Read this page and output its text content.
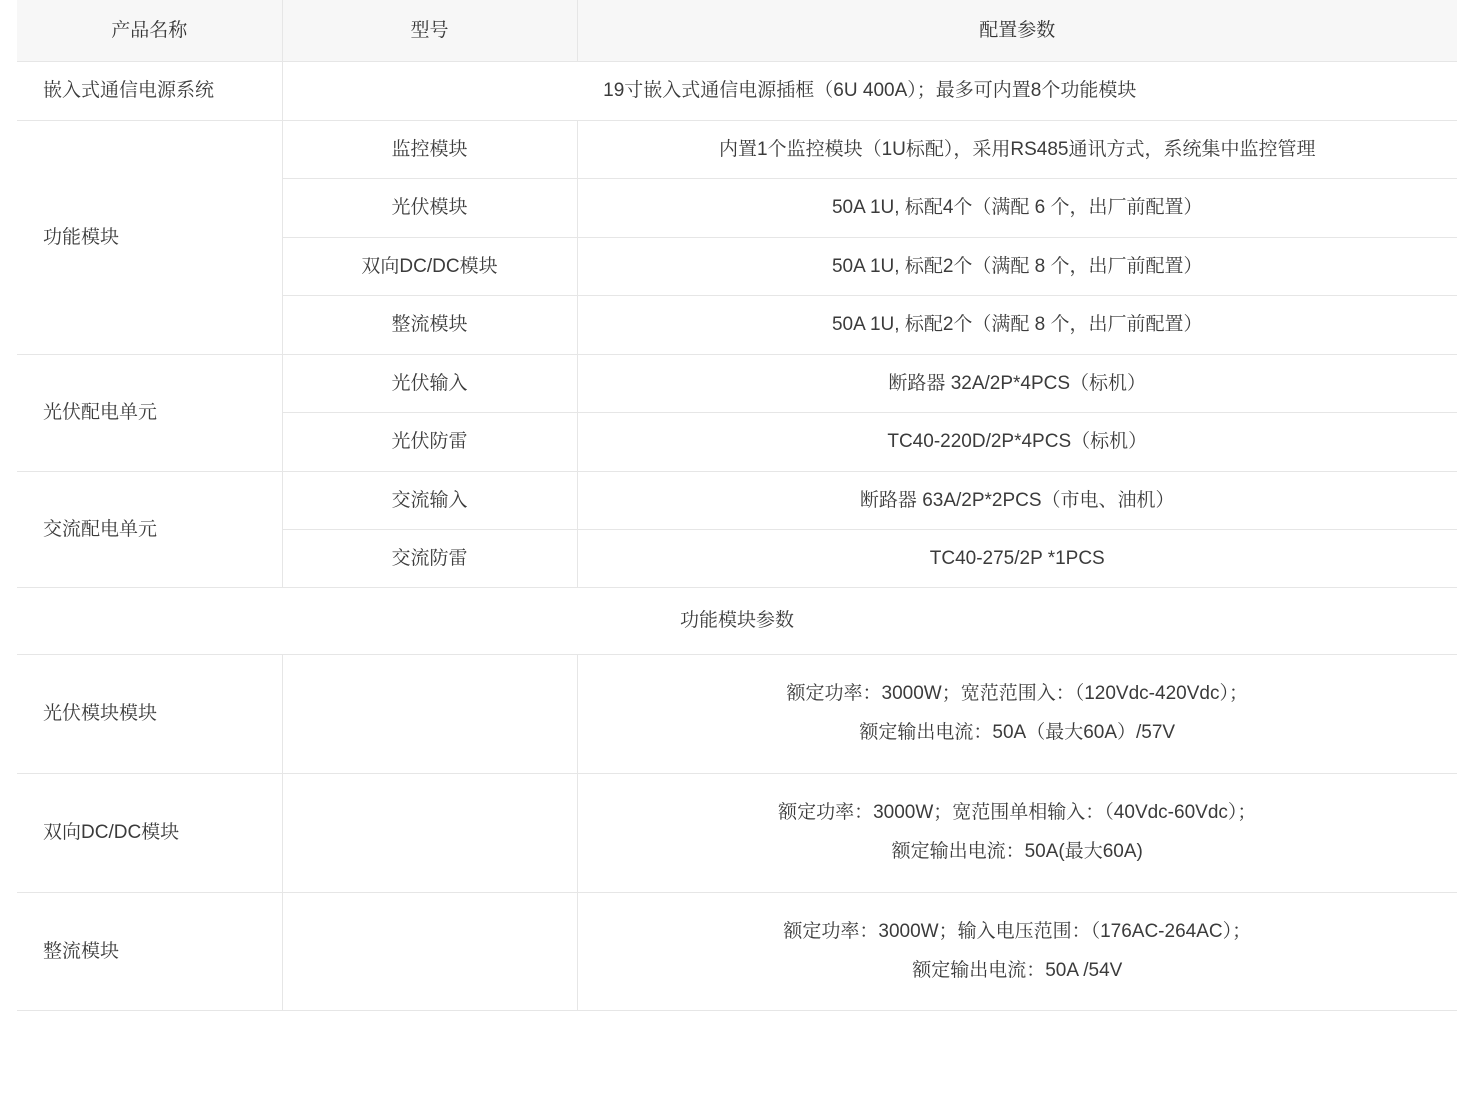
产品名称	型号	配置参数
嵌入式通信电源系统	19寸嵌入式通信电源插框（6U 400A）；最多可内置8个功能模块	
功能模块	监控模块	内置1个监控模块（1U标配），采用RS485通讯方式，系统集中监控管理
	光伏模块	50A 1U, 标配4个（满配 6 个，出厂前配置）
	双向DC/DC模块	50A 1U, 标配2个（满配 8 个，出厂前配置）
	整流模块	50A 1U, 标配2个（满配 8 个，出厂前配置）
光伏配电单元	光伏输入	断路器 32A/2P*4PCS（标机）
	光伏防雷	TC40-220D/2P*4PCS（标机）
交流配电单元	交流输入	断路器 63A/2P*2PCS（市电、油机）
	交流防雷	TC40-275/2P *1PCS
功能模块参数		
光伏模块模块		额定功率：3000W；宽范范围入：（120Vdc-420Vdc）；
额定输出电流：50A（最大60A）/57V

双向DC/DC模块		额定功率：3000W；宽范围单相输入：（40Vdc-60Vdc）；
额定输出电流：50A(最大60A)

整流模块		额定功率：3000W；输入电压范围：（176AC-264AC）；
额定输出电流：50A /54V
